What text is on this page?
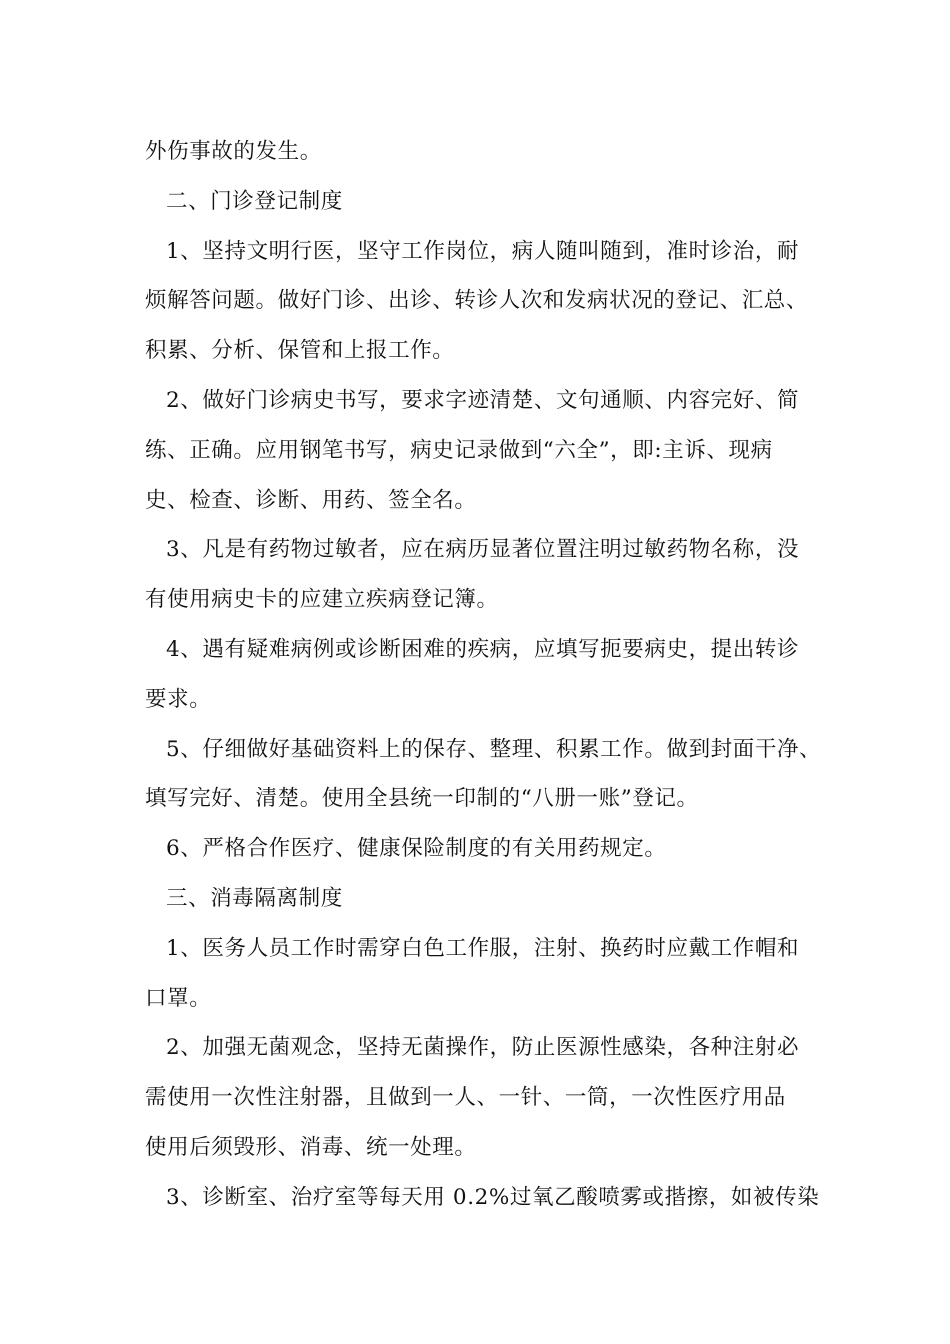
外伤事故的发生。
二、门诊登记制度
1、坚持文明行医，坚守工作岗位，病人随叫随到，准时诊治，耐
烦解答问题。做好门诊、出诊、转诊人次和发病状况的登记、汇总、
积累、分析、保管和上报工作。
2、做好门诊病史书写，要求字迹清楚、文句通顺、内容完好、简
练、正确。应用钢笔书写，病史记录做到“六全”，即:主诉、现病
史、检查、诊断、用药、签全名。
3、凡是有药物过敏者，应在病历显著位置注明过敏药物名称，没
有使用病史卡的应建立疾病登记簿。
4、遇有疑难病例或诊断困难的疾病，应填写扼要病史，提出转诊
要求。
5、仔细做好基础资料上的保存、整理、积累工作。做到封面干净、
填写完好、清楚。使用全县统一印制的“八册一账”登记。
6、严格合作医疗、健康保险制度的有关用药规定。
三、消毒隔离制度
1、医务人员工作时需穿白色工作服，注射、换药时应戴工作帽和
口罩。
2、加强无菌观念，坚持无菌操作，防止医源性感染，各种注射必
需使用一次性注射器，且做到一人、一针、一筒，一次性医疗用品
使用后须毁形、消毒、统一处理。
3、诊断室、治疗室等每天用 0.2%过氧乙酸喷雾或揩擦，如被传染
